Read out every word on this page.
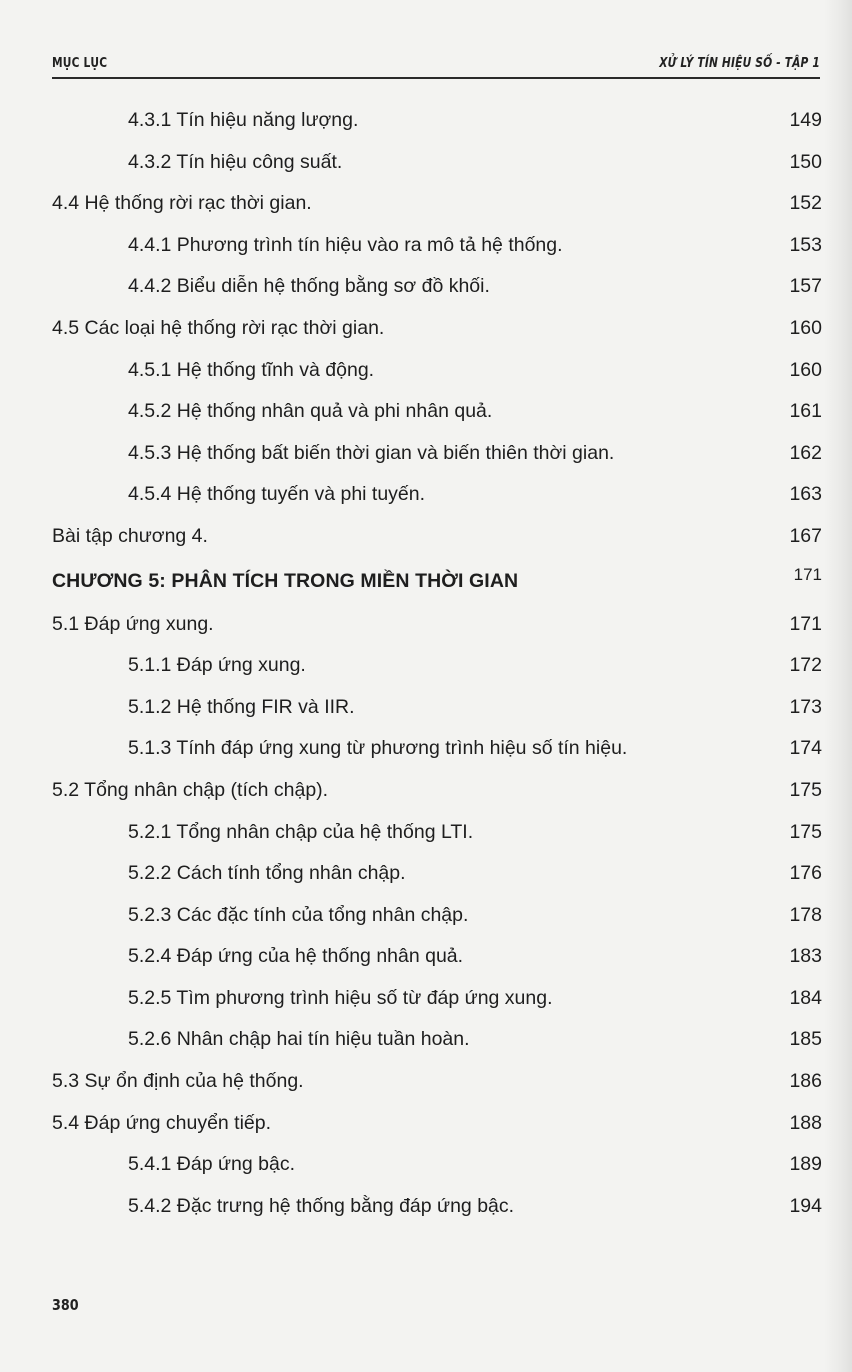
MỤC LỤC	XỬ LÝ TÍN HIỆU SỐ - TẬP 1
4.3.1 Tín hiệu năng lượng.	149
4.3.2 Tín hiệu công suất.	150
4.4 Hệ thống rời rạc thời gian.	152
4.4.1 Phương trình tín hiệu vào ra mô tả hệ thống.	153
4.4.2 Biểu diễn hệ thống bằng sơ đồ khối.	157
4.5 Các loại hệ thống rời rạc thời gian.	160
4.5.1 Hệ thống tĩnh và động.	160
4.5.2 Hệ thống nhân quả và phi nhân quả.	161
4.5.3 Hệ thống bất biến thời gian và biến thiên thời gian.	162
4.5.4 Hệ thống tuyến và phi tuyến.	163
Bài tập chương 4.	167
CHƯƠNG 5: PHÂN TÍCH TRONG MIỀN THỜI GIAN	171
5.1 Đáp ứng xung.	171
5.1.1 Đáp ứng xung.	172
5.1.2 Hệ thống FIR và IIR.	173
5.1.3 Tính đáp ứng xung từ phương trình hiệu số tín hiệu.	174
5.2 Tổng nhân chập (tích chập).	175
5.2.1 Tổng nhân chập của hệ thống LTI.	175
5.2.2 Cách tính tổng nhân chập.	176
5.2.3 Các đặc tính của tổng nhân chập.	178
5.2.4 Đáp ứng của hệ thống nhân quả.	183
5.2.5 Tìm phương trình hiệu số từ đáp ứng xung.	184
5.2.6 Nhân chập hai tín hiệu tuần hoàn.	185
5.3 Sự ổn định của hệ thống.	186
5.4 Đáp ứng chuyển tiếp.	188
5.4.1 Đáp ứng bậc.	189
5.4.2 Đặc trưng hệ thống bằng đáp ứng bậc.	194
380
